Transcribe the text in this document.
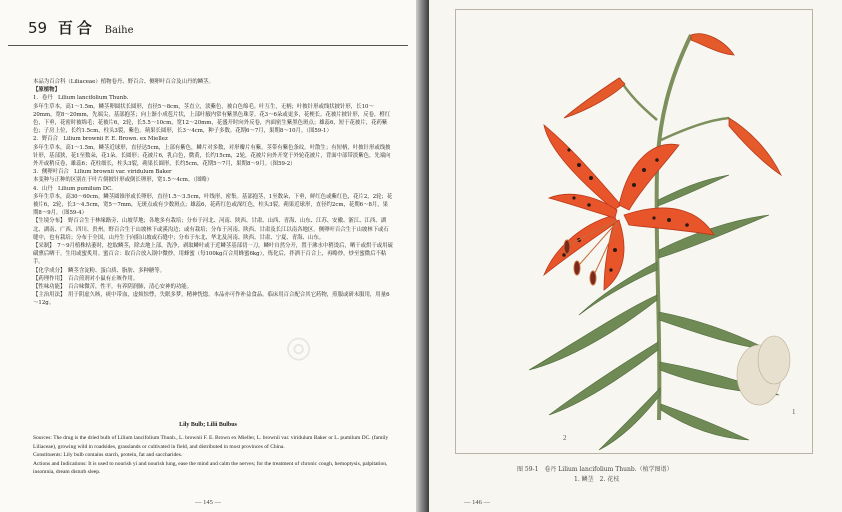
59 百合 Baihe

本品为百合科（Liliaceae）植物卷丹、野百合、侧卵叶百合及山丹的鳞茎。

【原植物】

1．卷丹　Lilium lancifolium Thunb.

多年生草本，高1～1.5m。鳞茎卵圆状长圆形，直径5～8cm，茎直立，淡紫色，被白色绵毛。叶互生，无柄；叶披针形或线状披针形，长10～20mm，宽8～20mm，先端尖，基部抱茎；向上渐小成苞片状，上部叶腋内常有紫黑色珠芽。花3～6朵或更多，花梗长。花被片披针形，反卷，橙红色，下垂，花密时被绵毛；花被片6，2轮，长5.5～10cm，宽12～20mm，花盛开时向外反卷，内面密生紫黑色斑点；雄蕊6，短于花被片，花药紫色；子房上位，长约1.5cm，柱头3裂，紫色。蒴果长圆形，长3～4cm，种子多数。花期6～7月，果期8～10月。（图59-1）

2．野百合　Lilium brownii F. E. Brown. ex Miellez

多年生草本，高1～1.5m。鳞茎近球形，直径达5cm，上部有紫色，鳞片对多数，对形瓣片有紫，茎带有紫色条纹。叶散生；有短柄，叶披针形或线披针形，基部狭，花1至数朵，花1朵。长圆形；花被片6，乳白色，微黄，长约15cm，2轮，花被片向外开宽于外轮花被片，背面中部带淡紫色，先端向外开或稍反卷，雄蕊6；花柱细长，柱头3裂，蒴果长圆形，长约5cm，花期5～7月，果期8～9月。（图59-2）

3．侧卵叶百合　Lilium brownii var. viridulum Baker

本变种与正种的区别在于叶片倒披针形或倒长卵形，宽1.5～4cm。（图略）

4．山丹　Lilium pumilum DC.

多年生草本，高30～60cm。鳞茎圆锥形或长卵形，直径1.5～3.5cm，叶线形，密集。基部抱茎，1至数朵，下垂，鲜红色或紫红色，花片2，2轮；花被片6，2轮，长3～4.5cm，宽5～7mm，无斑点或有少数斑点；雄蕊6，花药红色或深红色，柱头3裂。蒴果近球形，直径约2cm，花期6～8月，果期8～9月。（图59-4）

【生境分布】　野百合生于林缘路旁、山坡草地；各地多有栽培；分布于河北、河南、陕西、甘肃、山西、青海、山东、江苏、安徽、浙江、江西、湖北、湖南、广西、四川、贵州。野百合生于山坡林下或溪沟边；或有栽培；分布于河南、陕西、甘肃及长江以南各地区。侧卵叶百合生于山坡林下或石缝中，也有栽培；分布于全国。山丹生于向阳山坡或石缝中；分布于东北、华北及河南、陕西、甘肃、宁夏、青海、山东。

【采制】　7～9月植株枯萎时，挖取鳞茎，除去地上部，洗净，剥取鳞叶或于近鳞茎基部切一刀，鳞叶自然分开，置于沸水中稍烫后，晒干或烘干或用硫磺熏后晒干。生用或蜜炙用。蜜百合：取百合放入锅中微炒，用蜂蜜（每100kg百合用蜂蜜6kg），炼化后，拌洒于百合上，再略炒，炒至蜜微后不粘手。

【化学成分】　鳞茎含淀粉、蛋白质、脂肪、多种糖等。

【药理作用】　百合煎剂对小鼠有止咳作用。

【性味功能】　百合味微苦，性平。有养阴润肺，清心安神的功能。

【主治用法】　用于阴虚久咳，痰中带血，虚烦惊悸，失眠多梦，精神恍惚。本品亦可作补益食品。临床用百合配合其它药物，煎服或研末服用，用量6～12g。

Lily Bulb; Lilii Bulbus

Sources: The drug is the dried bulb of Lilium lancifolium Thunb., L. brownii F. E. Brown ex Mieller, L. brownii var. viridulum Baker or L. pumilum DC. (family Liliaceae), growing wild in roadsides, grasslands or cultivated in field, and distributed in most provinces of China.

Constituents: Lily bulb contains starch, protein, fat and saccharides.

Actions and Indications: It is used to nourish yi and nourish lung, ease the mind and calm the nerves; for the treatment of chronic cough, hemoptysis, palpitation, insomnia, dream disturb sleep.

◎
— 145 —
1
2
图 59-1　卷丹 Lilium lancifolium Thunb.（植学图谱）
1. 鳞茎　2. 花枝
— 146 —
